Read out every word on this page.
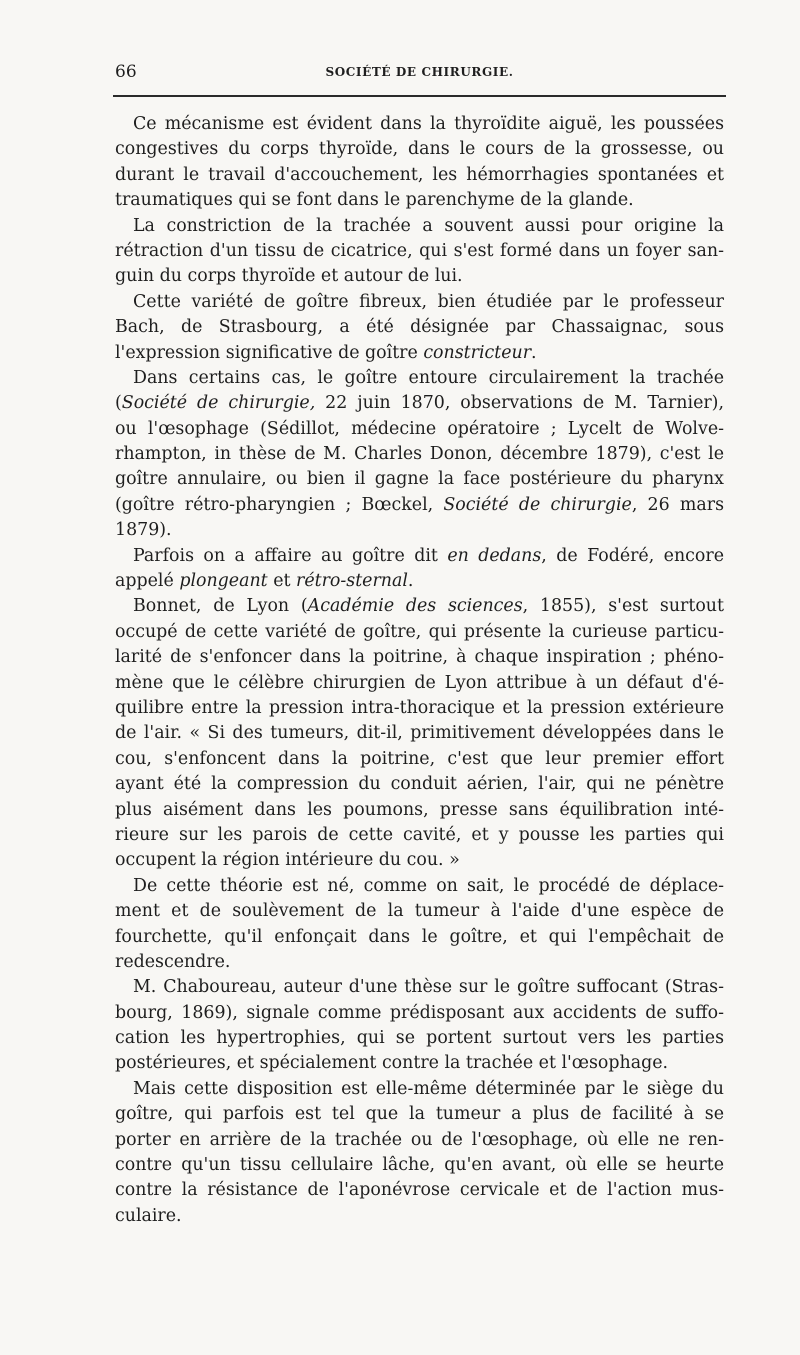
66	SOCIÉTÉ DE CHIRURGIE.
Ce mécanisme est évident dans la thyroïdite aiguë, les poussées
congestives du corps thyroïde, dans le cours de la grossesse, ou
durant le travail d'accouchement, les hémorrhagies spontanées et
traumatiques qui se font dans le parenchyme de la glande.
La constriction de la trachée a souvent aussi pour origine la
rétraction d'un tissu de cicatrice, qui s'est formé dans un foyer san-
guin du corps thyroïde et autour de lui.
Cette variété de goître fibreux, bien étudiée par le professeur
Bach, de Strasbourg, a été désignée par Chassaignac, sous
l'expression significative de goître constricteur.
Dans certains cas, le goître entoure circulairement la trachée
(Société de chirurgie, 22 juin 1870, observations de M. Tarnier),
ou l'œsophage (Sédillot, médecine opératoire ; Lycelt de Wolve-
rhampton, in thèse de M. Charles Donon, décembre 1879), c'est le
goître annulaire, ou bien il gagne la face postérieure du pharynx
(goître rétro-pharyngien ; Bœckel, Société de chirurgie, 26 mars
1879).
Parfois on a affaire au goître dit en dedans, de Fodéré, encore
appelé plongeant et rétro-sternal.
Bonnet, de Lyon (Académie des sciences, 1855), s'est surtout
occupé de cette variété de goître, qui présente la curieuse particu-
larité de s'enfoncer dans la poitrine, à chaque inspiration ; phéno-
mène que le célèbre chirurgien de Lyon attribue à un défaut d'é-
quilibre entre la pression intra-thoracique et la pression extérieure
de l'air. « Si des tumeurs, dit-il, primitivement développées dans le
cou, s'enfoncent dans la poitrine, c'est que leur premier effort
ayant été la compression du conduit aérien, l'air, qui ne pénètre
plus aisément dans les poumons, presse sans équilibration inté-
rieure sur les parois de cette cavité, et y pousse les parties qui
occupent la région intérieure du cou. »
De cette théorie est né, comme on sait, le procédé de déplace-
ment et de soulèvement de la tumeur à l'aide d'une espèce de
fourchette, qu'il enfonçait dans le goître, et qui l'empêchait de
redescendre.
M. Chaboureau, auteur d'une thèse sur le goître suffocant (Stras-
bourg, 1869), signale comme prédisposant aux accidents de suffo-
cation les hypertrophies, qui se portent surtout vers les parties
postérieures, et spécialement contre la trachée et l'œsophage.
Mais cette disposition est elle-même déterminée par le siège du
goître, qui parfois est tel que la tumeur a plus de facilité à se
porter en arrière de la trachée ou de l'œsophage, où elle ne ren-
contre qu'un tissu cellulaire lâche, qu'en avant, où elle se heurte
contre la résistance de l'aponévrose cervicale et de l'action mus-
culaire.
